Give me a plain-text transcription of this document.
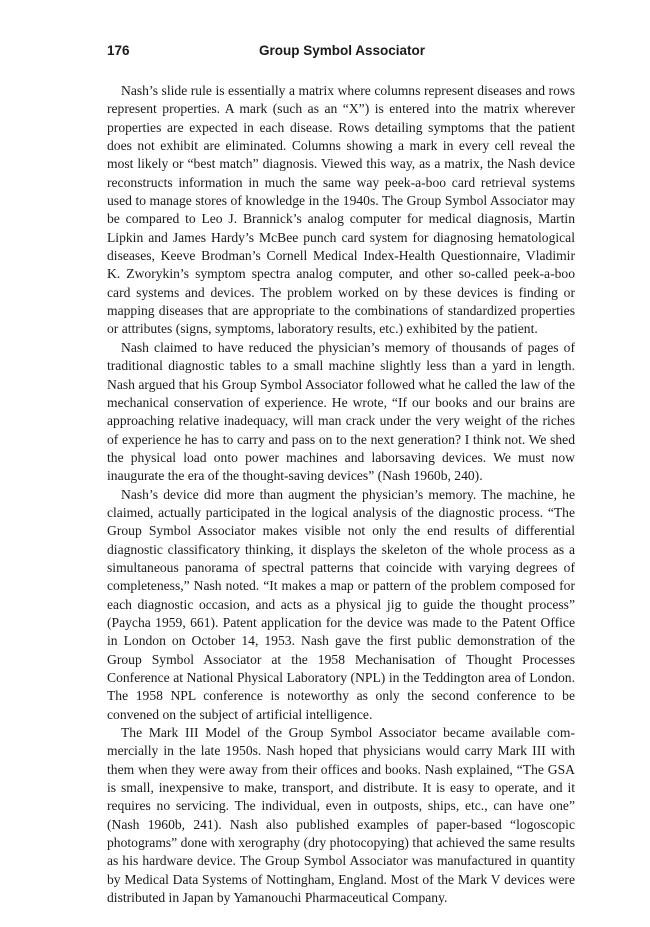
176	Group Symbol Associator

Nash’s slide rule is essentially a matrix where columns represent diseases and rows represent properties. A mark (such as an “X”) is entered into the matrix wherever properties are expected in each disease. Rows detailing symptoms that the patient does not exhibit are eliminated. Columns showing a mark in every cell reveal the most likely or “best match” diagnosis. Viewed this way, as a matrix, the Nash device reconstructs information in much the same way peek-a-boo card retrieval systems used to manage stores of knowledge in the 1940s. The Group Symbol Associator may be compared to Leo J. Brannick’s analog computer for medical diagnosis, Martin Lipkin and James Hardy’s McBee punch card system for diagnosing hematological diseases, Keeve Brodman’s Cornell Medical Index-Health Questionnaire, Vladimir K. Zworykin’s symptom spectra analog computer, and other so-called peek-a-boo card systems and devices. The problem worked on by these devices is finding or mapping diseases that are appropriate to the combinations of standardized properties or attributes (signs, symptoms, laboratory results, etc.) exhibited by the patient.

Nash claimed to have reduced the physician’s memory of thousands of pages of traditional diagnostic tables to a small machine slightly less than a yard in length. Nash argued that his Group Symbol Associator followed what he called the law of the mechanical conservation of experience. He wrote, “If our books and our brains are approaching relative inadequacy, will man crack under the very weight of the riches of experience he has to carry and pass on to the next generation? I think not. We shed the physical load onto power machines and laborsaving devices. We must now inaugurate the era of the thought-saving devices” (Nash 1960b, 240).

Nash’s device did more than augment the physician’s memory. The machine, he claimed, actually participated in the logical analysis of the diagnostic process. “The Group Symbol Associator makes visible not only the end results of differential diagnostic classificatory thinking, it displays the skeleton of the whole process as a simultaneous panorama of spectral patterns that coincide with varying degrees of completeness,” Nash noted. “It makes a map or pattern of the problem composed for each diagnostic occasion, and acts as a physical jig to guide the thought process” (Paycha 1959, 661). Patent application for the device was made to the Patent Office in London on October 14, 1953. Nash gave the first public demonstration of the Group Symbol Associator at the 1958 Mechanisation of Thought Processes Conference at National Physical Laboratory (NPL) in the Teddington area of London. The 1958 NPL conference is noteworthy as only the second conference to be convened on the subject of artificial intelligence.

The Mark III Model of the Group Symbol Associator became available commercially in the late 1950s. Nash hoped that physicians would carry Mark III with them when they were away from their offices and books. Nash explained, “The GSA is small, inexpensive to make, transport, and distribute. It is easy to operate, and it requires no servicing. The individual, even in outposts, ships, etc., can have one” (Nash 1960b, 241). Nash also published examples of paper-based “logoscopic photograms” done with xerography (dry photocopying) that achieved the same results as his hardware device. The Group Symbol Associator was manufactured in quantity by Medical Data Systems of Nottingham, England. Most of the Mark V devices were distributed in Japan by Yamanouchi Pharmaceutical Company.
